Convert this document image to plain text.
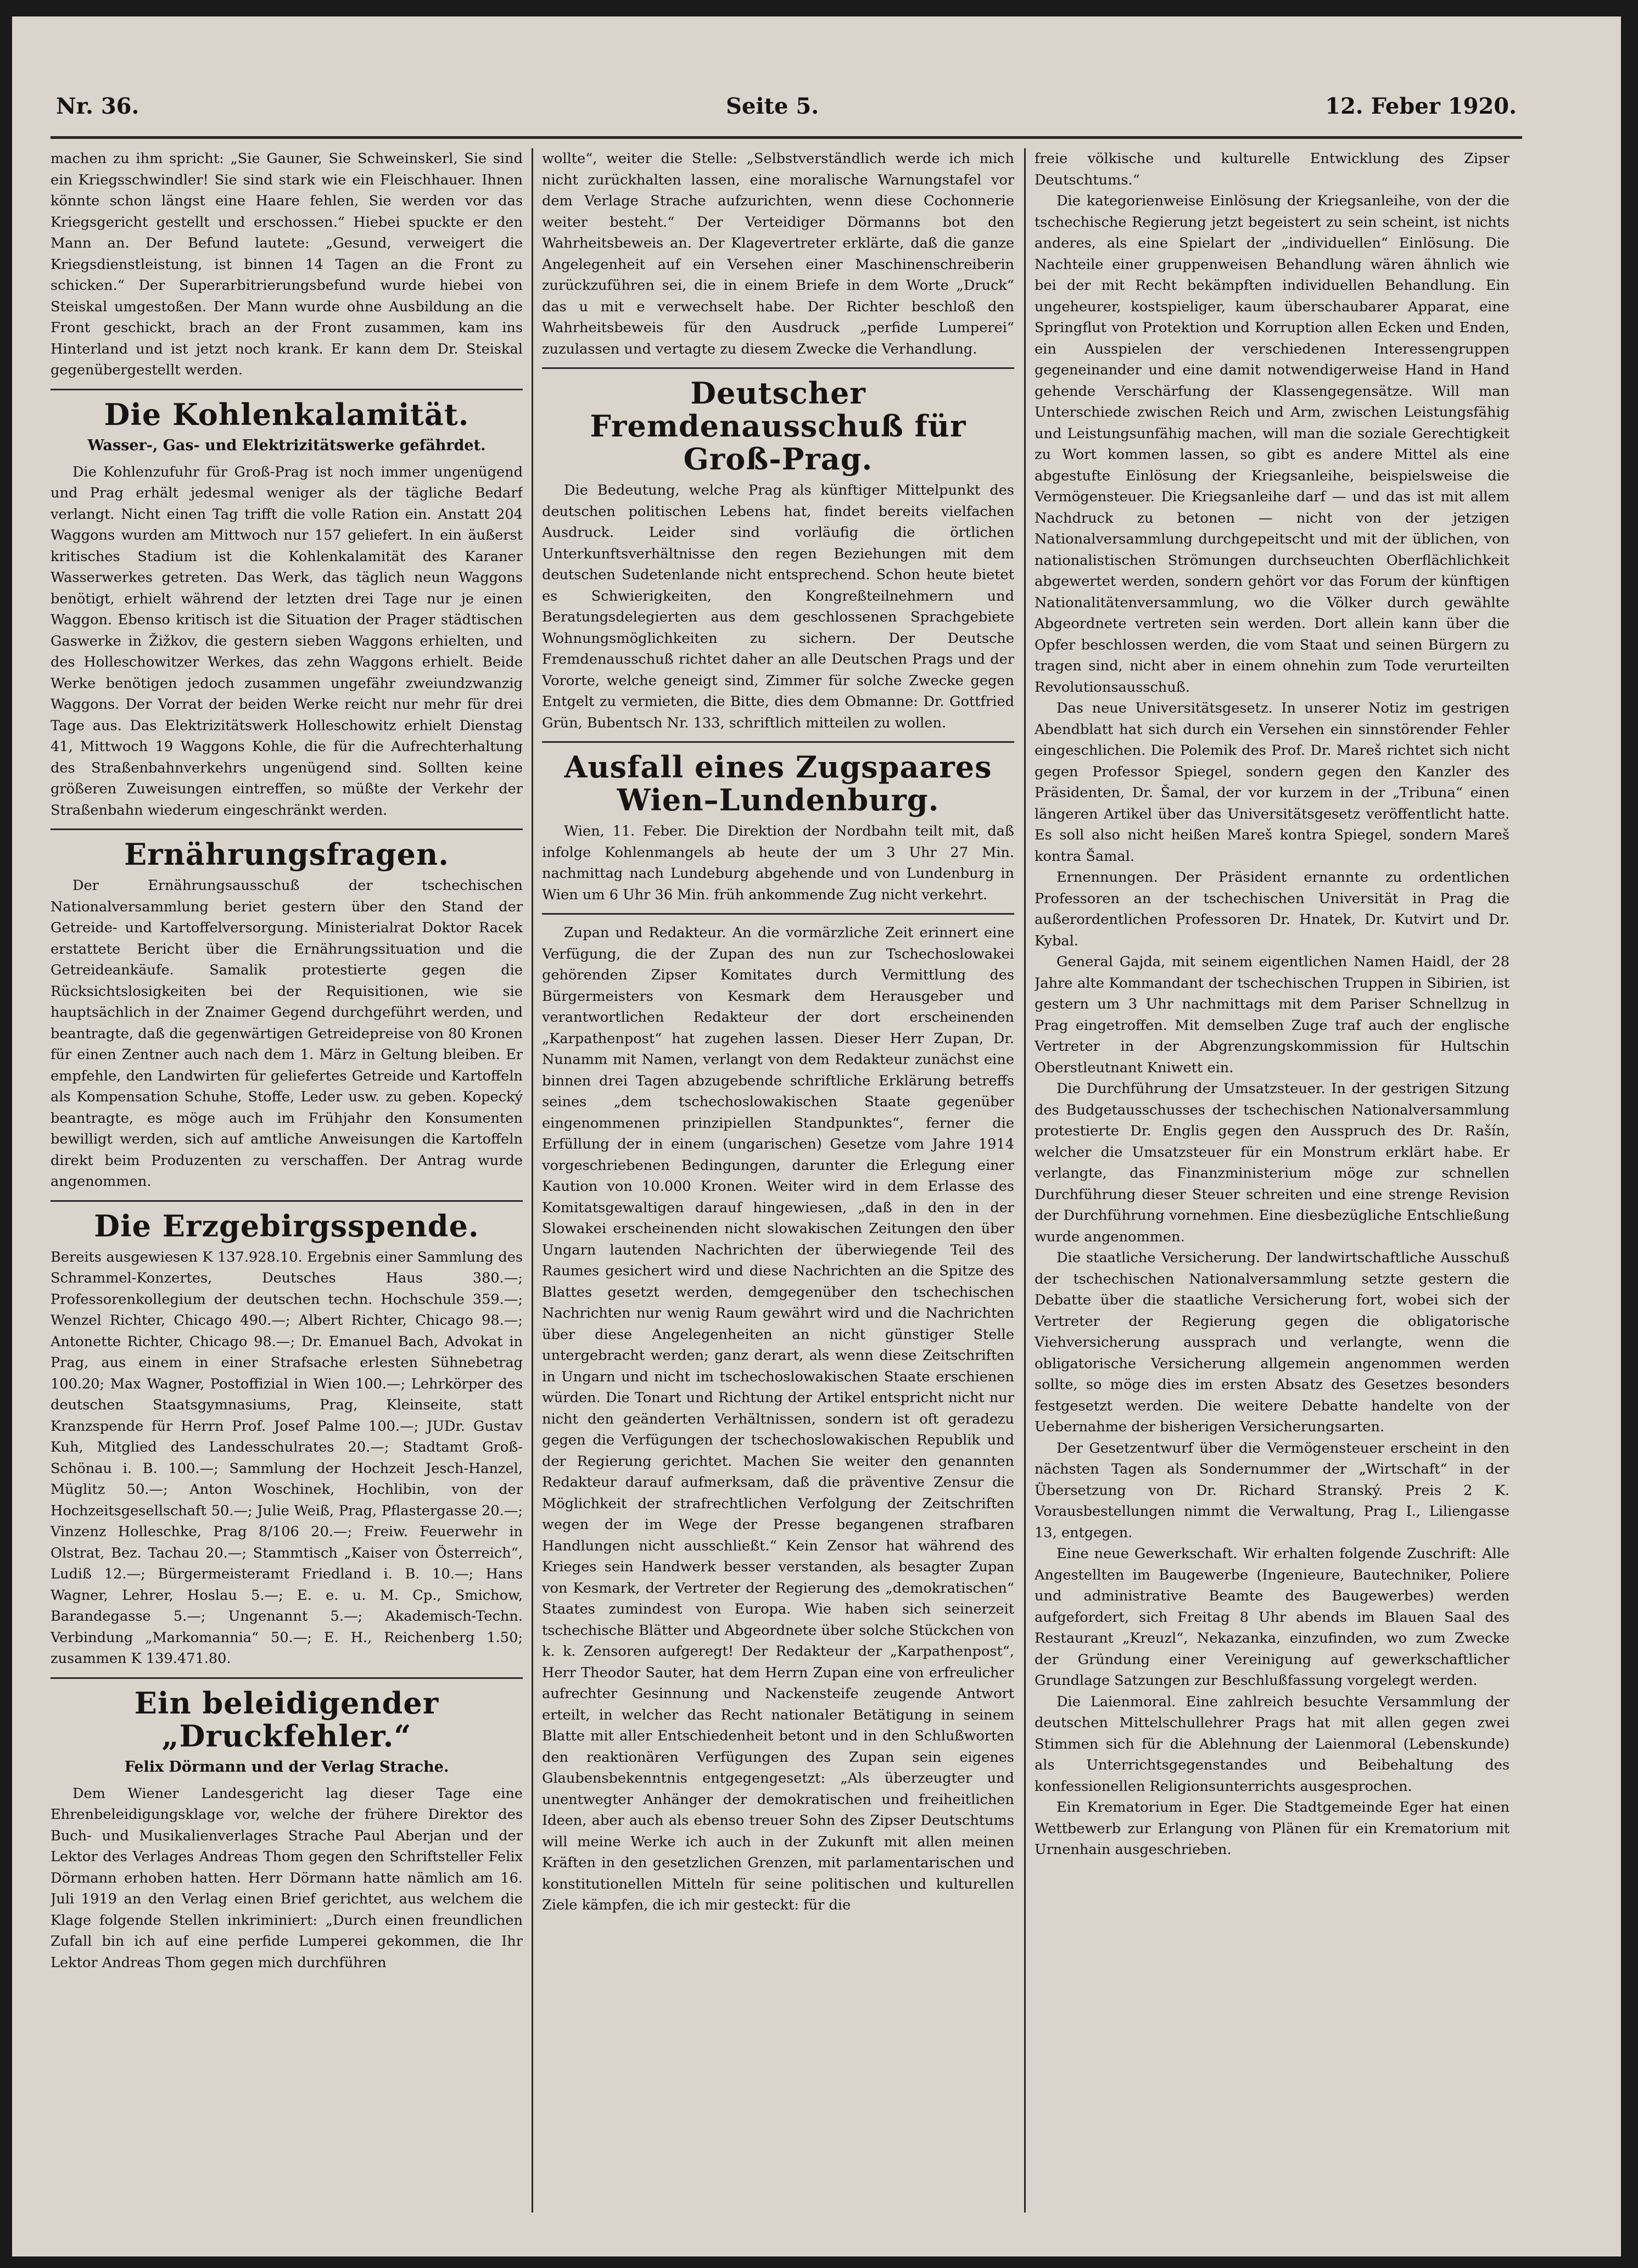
Nr. 36.	Seite 5.	12. Feber 1920.

machen zu ihm spricht: „Sie Gauner, Sie Schweinskerl, Sie sind ein Kriegsschwindler! Sie sind stark wie ein Fleischhauer. Ihnen könnte schon längst eine Haare fehlen, Sie werden vor das Kriegsgericht gestellt und erschossen.“ Hiebei spuckte er den Mann an. Der Befund lautete: „Gesund, verweigert die Kriegsdienstleistung, ist binnen 14 Tagen an die Front zu schicken.“ Der Superarbitrierungsbefund wurde hiebei von Steiskal umgestoßen. Der Mann wurde ohne Ausbildung an die Front geschickt, brach an der Front zusammen, kam ins Hinterland und ist jetzt noch krank. Er kann dem Dr. Steiskal gegenübergestellt werden.

Die Kohlenkalamität.
Wasser-, Gas- und Elektrizitätswerke gefährdet.

Die Kohlenzufuhr für Groß-Prag ist noch immer ungenügend und Prag erhält jedesmal weniger als der tägliche Bedarf verlangt. Nicht einen Tag trifft die volle Ration ein. Anstatt 204 Waggons wurden am Mittwoch nur 157 geliefert. In ein äußerst kritisches Stadium ist die Kohlenkalamität des Karaner Wasserwerkes getreten. Das Werk, das täglich neun Waggons benötigt, erhielt während der letzten drei Tage nur je einen Waggon. Ebenso kritisch ist die Situation der Prager städtischen Gaswerke in Žižkov, die gestern sieben Waggons erhielten, und des Holleschowitzer Werkes, das zehn Waggons erhielt. Beide Werke benötigen jedoch zusammen ungefähr zweiundzwanzig Waggons. Der Vorrat der beiden Werke reicht nur mehr für drei Tage aus. Das Elektrizitätswerk Holleschowitz erhielt Dienstag 41, Mittwoch 19 Waggons Kohle, die für die Aufrechterhaltung des Straßenbahnverkehrs ungenügend sind. Sollten keine größeren Zuweisungen eintreffen, so müßte der Verkehr der Straßenbahn wiederum eingeschränkt werden.

Ernährungsfragen.

Der Ernährungsausschuß der tschechischen Nationalversammlung beriet gestern über den Stand der Getreide- und Kartoffelversorgung. Ministerialrat Doktor Racek erstattete Bericht über die Ernährungssituation und die Getreideankäufe. Samalik protestierte gegen die Rücksichtslosigkeiten bei der Requisitionen, wie sie hauptsächlich in der Znaimer Gegend durchgeführt werden, und beantragte, daß die gegenwärtigen Getreidepreise von 80 Kronen für einen Zentner auch nach dem 1. März in Geltung bleiben. Er empfehle, den Landwirten für geliefertes Getreide und Kartoffeln als Kompensation Schuhe, Stoffe, Leder usw. zu geben. Kopecký beantragte, es möge auch im Frühjahr den Konsumenten bewilligt werden, sich auf amtliche Anweisungen die Kartoffeln direkt beim Produzenten zu verschaffen. Der Antrag wurde angenommen.

Die Erzgebirgsspende.

Bereits ausgewiesen K 137.928.10. Ergebnis einer Sammlung des Schrammel-Konzertes, Deutsches Haus 380.—; Professorenkollegium der deutschen techn. Hochschule 359.—; Wenzel Richter, Chicago 490.—; Albert Richter, Chicago 98.—; Antonette Richter, Chicago 98.—; Dr. Emanuel Bach, Advokat in Prag, aus einem in einer Strafsache erlesten Sühnebetrag 100.20; Max Wagner, Postoffizial in Wien 100.—; Lehrkörper des deutschen Staatsgymnasiums, Prag, Kleinseite, statt Kranzspende für Herrn Prof. Josef Palme 100.—; JUDr. Gustav Kuh, Mitglied des Landesschulrates 20.—; Stadtamt Groß-Schönau i. B. 100.—; Sammlung der Hochzeit Jesch-Hanzel, Müglitz 50.—; Anton Woschinek, Hochlibin, von der Hochzeitsgesellschaft 50.—; Julie Weiß, Prag, Pflastergasse 20.—; Vinzenz Holleschke, Prag 8/106 20.—; Freiw. Feuerwehr in Olstrat, Bez. Tachau 20.—; Stammtisch „Kaiser von Österreich“, Ludiß 12.—; Bürgermeisteramt Friedland i. B. 10.—; Hans Wagner, Lehrer, Hoslau 5.—; E. e. u. M. Cp., Smichow, Barandegasse 5.—; Ungenannt 5.—; Akademisch-Techn. Verbindung „Markomannia“ 50.—; E. H., Reichenberg 1.50; zusammen K 139.471.80.

Ein beleidigender „Druckfehler.“
Felix Dörmann und der Verlag Strache.

Dem Wiener Landesgericht lag dieser Tage eine Ehrenbeleidigungsklage vor, welche der frühere Direktor des Buch- und Musikalienverlages Strache Paul Aberjan und der Lektor des Verlages Andreas Thom gegen den Schriftsteller Felix Dörmann erhoben hatten. Herr Dörmann hatte nämlich am 16. Juli 1919 an den Verlag einen Brief gerichtet, aus welchem die Klage folgende Stellen inkriminiert: „Durch einen freundlichen Zufall bin ich auf eine perfide Lumperei gekommen, die Ihr Lektor Andreas Thom gegen mich durchführen

wollte“, weiter die Stelle: „Selbstverständlich werde ich mich nicht zurückhalten lassen, eine moralische Warnungstafel vor dem Verlage Strache aufzurichten, wenn diese Cochonnerie weiter besteht.“ Der Verteidiger Dörmanns bot den Wahrheitsbeweis an. Der Klagevertreter erklärte, daß die ganze Angelegenheit auf ein Versehen einer Maschinenschreiberin zurückzuführen sei, die in einem Briefe in dem Worte „Druck“ das u mit e verwechselt habe. Der Richter beschloß den Wahrheitsbeweis für den Ausdruck „perfide Lumperei“ zuzulassen und vertagte zu diesem Zwecke die Verhandlung.

Deutscher Fremdenausschuß für Groß-Prag.

Die Bedeutung, welche Prag als künftiger Mittelpunkt des deutschen politischen Lebens hat, findet bereits vielfachen Ausdruck. Leider sind vorläufig die örtlichen Unterkunftsverhältnisse den regen Beziehungen mit dem deutschen Sudetenlande nicht entsprechend. Schon heute bietet es Schwierigkeiten, den Kongreßteilnehmern und Beratungsdelegierten aus dem geschlossenen Sprachgebiete Wohnungsmöglichkeiten zu sichern. Der Deutsche Fremdenausschuß richtet daher an alle Deutschen Prags und der Vororte, welche geneigt sind, Zimmer für solche Zwecke gegen Entgelt zu vermieten, die Bitte, dies dem Obmanne: Dr. Gottfried Grün, Bubentsch Nr. 133, schriftlich mitteilen zu wollen.

Ausfall eines Zugspaares Wien–Lundenburg.

Wien, 11. Feber. Die Direktion der Nordbahn teilt mit, daß infolge Kohlenmangels ab heute der um 3 Uhr 27 Min. nachmittag nach Lundeburg abgehende und von Lundenburg in Wien um 6 Uhr 36 Min. früh ankommende Zug nicht verkehrt.

Zupan und Redakteur. An die vormärzliche Zeit erinnert eine Verfügung, die der Zupan des nun zur Tschechoslowakei gehörenden Zipser Komitates durch Vermittlung des Bürgermeisters von Kesmark dem Herausgeber und verantwortlichen Redakteur der dort erscheinenden „Karpathenpost“ hat zugehen lassen. Dieser Herr Zupan, Dr. Nunamm mit Namen, verlangt von dem Redakteur zunächst eine binnen drei Tagen abzugebende schriftliche Erklärung betreffs seines „dem tschechoslowakischen Staate gegenüber eingenommenen prinzipiellen Standpunktes“, ferner die Erfüllung der in einem (ungarischen) Gesetze vom Jahre 1914 vorgeschriebenen Bedingungen, darunter die Erlegung einer Kaution von 10.000 Kronen. Weiter wird in dem Erlasse des Komitatsgewaltigen darauf hingewiesen, „daß in den in der Slowakei erscheinenden nicht slowakischen Zeitungen den über Ungarn lautenden Nachrichten der überwiegende Teil des Raumes gesichert wird und diese Nachrichten an die Spitze des Blattes gesetzt werden, demgegenüber den tschechischen Nachrichten nur wenig Raum gewährt wird und die Nachrichten über diese Angelegenheiten an nicht günstiger Stelle untergebracht werden; ganz derart, als wenn diese Zeitschriften in Ungarn und nicht im tschechoslowakischen Staate erschienen würden. Die Tonart und Richtung der Artikel entspricht nicht nur nicht den geänderten Verhältnissen, sondern ist oft geradezu gegen die Verfügungen der tschechoslowakischen Republik und der Regierung gerichtet. Machen Sie weiter den genannten Redakteur darauf aufmerksam, daß die präventive Zensur die Möglichkeit der strafrechtlichen Verfolgung der Zeitschriften wegen der im Wege der Presse begangenen strafbaren Handlungen nicht ausschließt.“ Kein Zensor hat während des Krieges sein Handwerk besser verstanden, als besagter Zupan von Kesmark, der Vertreter der Regierung des „demokratischen“ Staates zumindest von Europa. Wie haben sich seinerzeit tschechische Blätter und Abgeordnete über solche Stückchen von k. k. Zensoren aufgeregt! Der Redakteur der „Karpathenpost“, Herr Theodor Sauter, hat dem Herrn Zupan eine von erfreulicher aufrechter Gesinnung und Nackensteife zeugende Antwort erteilt, in welcher das Recht nationaler Betätigung in seinem Blatte mit aller Entschiedenheit betont und in den Schlußworten den reaktionären Verfügungen des Zupan sein eigenes Glaubensbekenntnis entgegengesetzt: „Als überzeugter und unentwegter Anhänger der demokratischen und freiheitlichen Ideen, aber auch als ebenso treuer Sohn des Zipser Deutschtums will meine Werke ich auch in der Zukunft mit allen meinen Kräften in den gesetzlichen Grenzen, mit parlamentarischen und konstitutionellen Mitteln für seine politischen und kulturellen Ziele kämpfen, die ich mir gesteckt: für die

freie völkische und kulturelle Entwicklung des Zipser Deutschtums.“

Die kategorienweise Einlösung der Kriegsanleihe, von der die tschechische Regierung jetzt begeistert zu sein scheint, ist nichts anderes, als eine Spielart der „individuellen“ Einlösung. Die Nachteile einer gruppenweisen Behandlung wären ähnlich wie bei der mit Recht bekämpften individuellen Behandlung. Ein ungeheurer, kostspieliger, kaum überschaubarer Apparat, eine Springflut von Protektion und Korruption allen Ecken und Enden, ein Ausspielen der verschiedenen Interessengruppen gegeneinander und eine damit notwendigerweise Hand in Hand gehende Verschärfung der Klassengegensätze. Will man Unterschiede zwischen Reich und Arm, zwischen Leistungsfähig und Leistungsunfähig machen, will man die soziale Gerechtigkeit zu Wort kommen lassen, so gibt es andere Mittel als eine abgestufte Einlösung der Kriegsanleihe, beispielsweise die Vermögensteuer. Die Kriegsanleihe darf — und das ist mit allem Nachdruck zu betonen — nicht von der jetzigen Nationalversammlung durchgepeitscht und mit der üblichen, von nationalistischen Strömungen durchseuchten Oberflächlichkeit abgewertet werden, sondern gehört vor das Forum der künftigen Nationalitätenversammlung, wo die Völker durch gewählte Abgeordnete vertreten sein werden. Dort allein kann über die Opfer beschlossen werden, die vom Staat und seinen Bürgern zu tragen sind, nicht aber in einem ohnehin zum Tode verurteilten Revolutionsausschuß.

Das neue Universitätsgesetz. In unserer Notiz im gestrigen Abendblatt hat sich durch ein Versehen ein sinnstörender Fehler eingeschlichen. Die Polemik des Prof. Dr. Mareš richtet sich nicht gegen Professor Spiegel, sondern gegen den Kanzler des Präsidenten, Dr. Šamal, der vor kurzem in der „Tribuna“ einen längeren Artikel über das Universitätsgesetz veröffentlicht hatte. Es soll also nicht heißen Mareš kontra Spiegel, sondern Mareš kontra Šamal.

Ernennungen. Der Präsident ernannte zu ordentlichen Professoren an der tschechischen Universität in Prag die außerordentlichen Professoren Dr. Hnatek, Dr. Kutvirt und Dr. Kybal.

General Gajda, mit seinem eigentlichen Namen Haidl, der 28 Jahre alte Kommandant der tschechischen Truppen in Sibirien, ist gestern um 3 Uhr nachmittags mit dem Pariser Schnellzug in Prag eingetroffen. Mit demselben Zuge traf auch der englische Vertreter in der Abgrenzungskommission für Hultschin Oberstleutnant Kniwett ein.

Die Durchführung der Umsatzsteuer. In der gestrigen Sitzung des Budgetausschusses der tschechischen Nationalversammlung protestierte Dr. Englis gegen den Ausspruch des Dr. Rašín, welcher die Umsatzsteuer für ein Monstrum erklärt habe. Er verlangte, das Finanzministerium möge zur schnellen Durchführung dieser Steuer schreiten und eine strenge Revision der Durchführung vornehmen. Eine diesbezügliche Entschließung wurde angenommen.

Die staatliche Versicherung. Der landwirtschaftliche Ausschuß der tschechischen Nationalversammlung setzte gestern die Debatte über die staatliche Versicherung fort, wobei sich der Vertreter der Regierung gegen die obligatorische Viehversicherung aussprach und verlangte, wenn die obligatorische Versicherung allgemein angenommen werden sollte, so möge dies im ersten Absatz des Gesetzes besonders festgesetzt werden. Die weitere Debatte handelte von der Uebernahme der bisherigen Versicherungsarten.

Der Gesetzentwurf über die Vermögensteuer erscheint in den nächsten Tagen als Sondernummer der „Wirtschaft“ in der Übersetzung von Dr. Richard Stranský. Preis 2 K. Vorausbestellungen nimmt die Verwaltung, Prag I., Liliengasse 13, entgegen.

Eine neue Gewerkschaft. Wir erhalten folgende Zuschrift: Alle Angestellten im Baugewerbe (Ingenieure, Bautechniker, Poliere und administrative Beamte des Baugewerbes) werden aufgefordert, sich Freitag 8 Uhr abends im Blauen Saal des Restaurant „Kreuzl“, Nekazanka, einzufinden, wo zum Zwecke der Gründung einer Vereinigung auf gewerkschaftlicher Grundlage Satzungen zur Beschlußfassung vorgelegt werden.

Die Laienmoral. Eine zahlreich besuchte Versammlung der deutschen Mittelschullehrer Prags hat mit allen gegen zwei Stimmen sich für die Ablehnung der Laienmoral (Lebenskunde) als Unterrichtsgegenstandes und Beibehaltung des konfessionellen Religionsunterrichts ausgesprochen.

Ein Krematorium in Eger. Die Stadtgemeinde Eger hat einen Wettbewerb zur Erlangung von Plänen für ein Krematorium mit Urnenhain ausgeschrieben.
